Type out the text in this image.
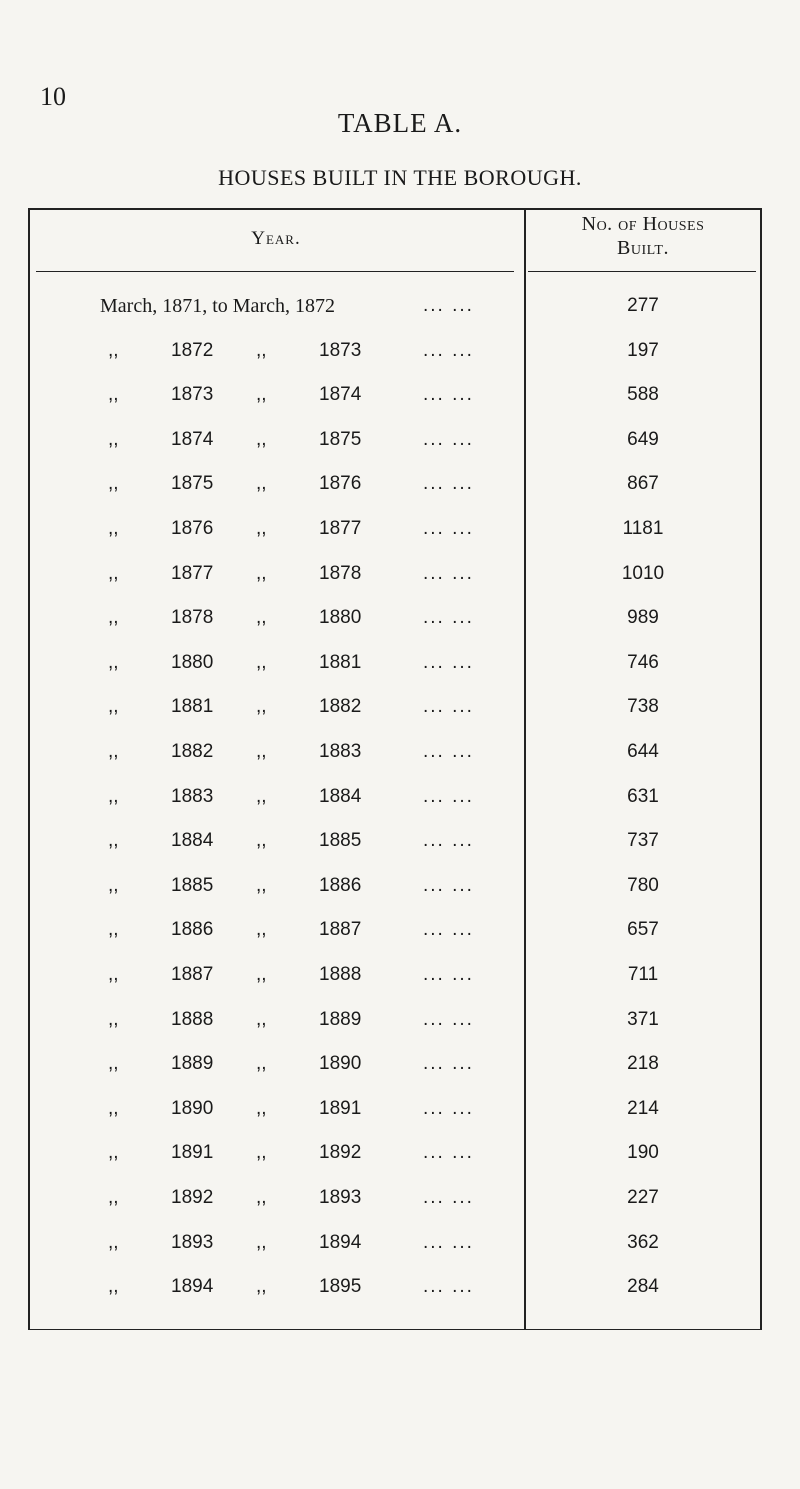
10
TABLE A.
HOUSES BUILT IN THE BOROUGH.
Year.
No. of Houses
Built.
March, 1871, to March, 1872	... ...	277
,,	1872 ,,	1873	... ...	197
,,	1873 ,,	1874	... ...	588
,,	1874 ,,	1875	... ...	649
,,	1875 ,,	1876	... ...	867
,,	1876 ,,	1877	... ...	1181
,,	1877 ,,	1878	... ...	1010
,,	1878 ,,	1880	... ...	989
,,	1880 ,,	1881	... ...	746
,,	1881 ,,	1882	... ...	738
,,	1882 ,,	1883	... ...	644
,,	1883 ,,	1884	... ...	631
,,	1884 ,,	1885	... ...	737
,,	1885 ,,	1886	... ...	780
,,	1886 ,,	1887	... ...	657
,,	1887 ,,	1888	... ...	711
,,	1888 ,,	1889	... ...	371
,,	1889 ,,	1890	... ...	218
,,	1890 ,,	1891	... ...	214
,,	1891 ,,	1892	... ...	190
,,	1892 ,,	1893	... ...	227
,,	1893 ,,	1894	... ...	362
,,	1894 ,,	1895	... ...	284
